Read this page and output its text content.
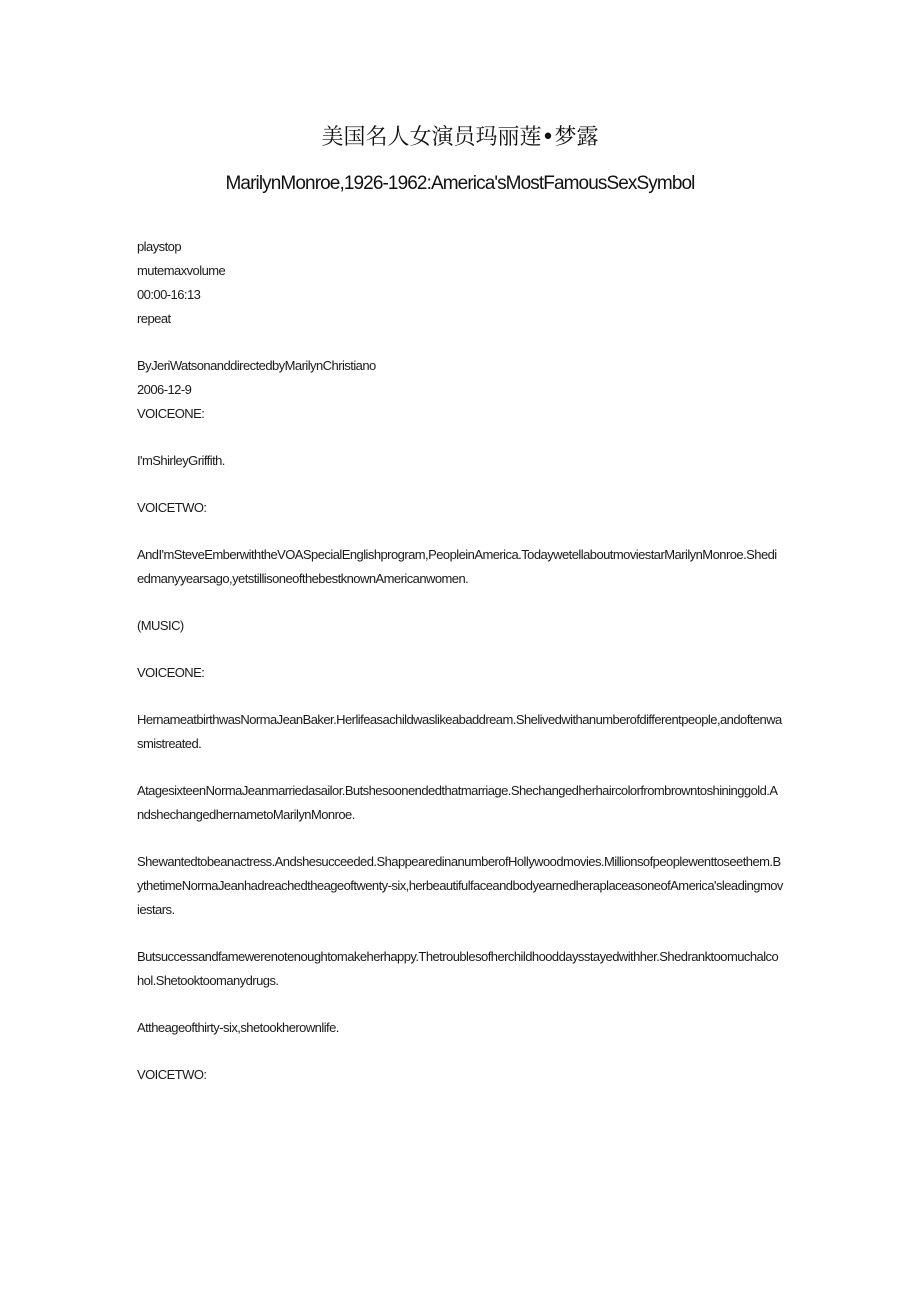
美国名人女演员玛丽莲•梦露
MarilynMonroe,1926-1962:America'sMostFamousSexSymbol
playstop
mutemaxvolume
00:00-16:13
repeat
ByJeriWatsonanddirectedbyMarilynChristiano
2006-12-9
VOICEONE:
I'mShirleyGriffith.
VOICETWO:
AndI'mSteveEmberwiththeVOASpecialEnglishprogram,PeopleinAmerica.TodaywetellaboutmoviestarMarilynMonroe.Shediedmanyyearsago,yetstillisoneofthebestknownAmericanwomen.
(MUSIC)
VOICEONE:
HernameatbirthwasNormaJeanBaker.Herlifeasachildwaslikeabaddream.Shelivedwithanumberofdifferentpeople,andoftenwasmistreated.
AtagesixteenNormaJeanmarriedasailor.Butshesoonendedthatmarriage.Shechangedherhaircolorfrombrowntoshininggold.AndshechangedhernametoMarilynMonroe.
Shewantedtobeanactress.Andshesucceeded.ShappearedinanumberofHollywoodmovies.Millionsofpeoplewenttoseethem.BythetimeNormaJeanhadreachedtheageoftwenty-six,herbeautifulfaceandbodyearnedheraplaceasoneofAmerica'sleadingmoviestars.
Butsuccessandfamewerenotenoughtomakeherhappy.Thetroublesofherchildhooddaysstayedwithher.Shedranktoomuchalcohol.Shetooktoomanydrugs.
Attheageofthirty-six,shetookherownlife.
VOICETWO:
